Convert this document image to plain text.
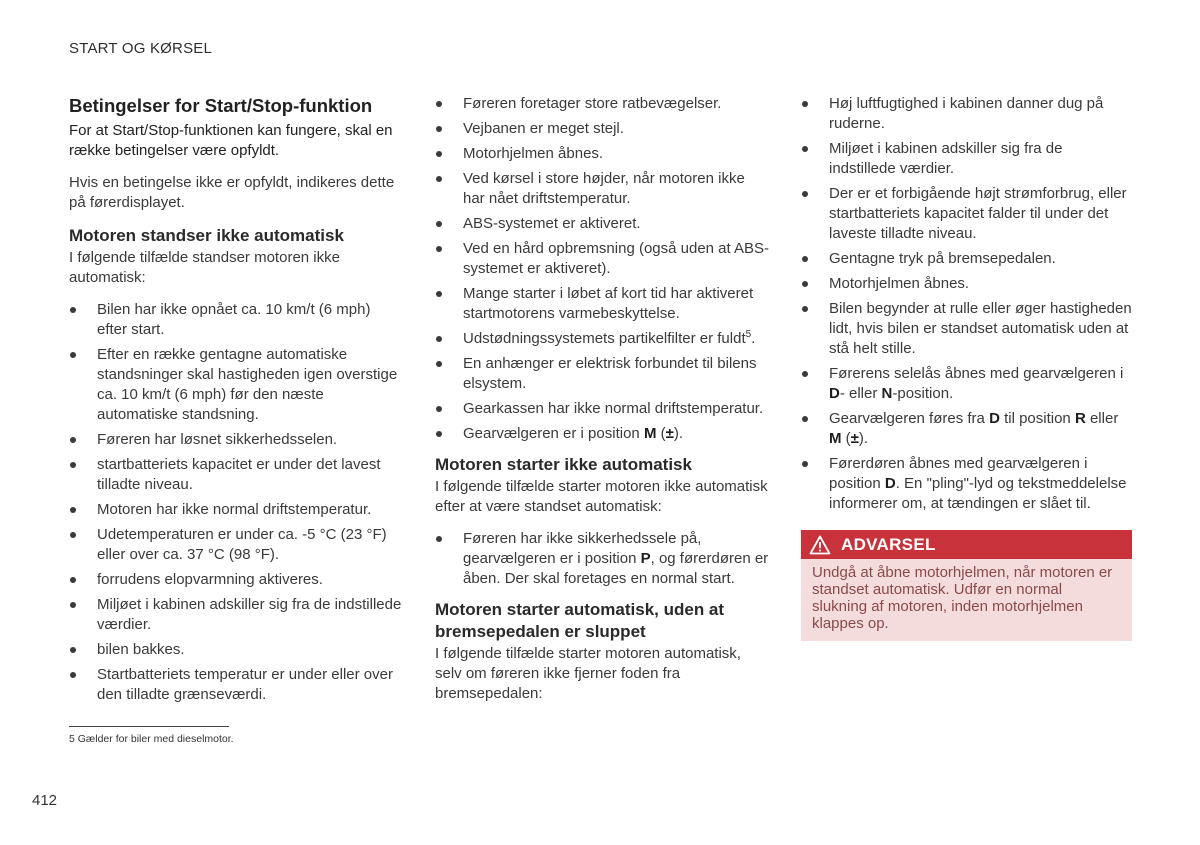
START OG KØRSEL
Betingelser for Start/Stop-funktion

For at Start/Stop-funktionen kan fungere, skal en række betingelser være opfyldt.

Hvis en betingelse ikke er opfyldt, indikeres dette på førerdisplayet.

Motoren standser ikke automatisk

I følgende tilfælde standser motoren ikke automatisk:

Bilen har ikke opnået ca. 10 km/t (6 mph) efter start.
Efter en række gentagne automatiske standsninger skal hastigheden igen overstige ca. 10 km/t (6 mph) før den næste automatiske standsning.
Føreren har løsnet sikkerhedsselen.
startbatteriets kapacitet er under det lavest tilladte niveau.
Motoren har ikke normal driftstemperatur.
Udetemperaturen er under ca. -5 °C (23 °F) eller over ca. 37 °C (98 °F).
forrudens elopvarmning aktiveres.
Miljøet i kabinen adskiller sig fra de indstillede værdier.
bilen bakkes.
Startbatteriets temperatur er under eller over den tilladte grænseværdi.
Føreren foretager store ratbevægelser.
Vejbanen er meget stejl.
Motorhjelmen åbnes.
Ved kørsel i store højder, når motoren ikke har nået driftstemperatur.
ABS-systemet er aktiveret.
Ved en hård opbremsning (også uden at ABS-systemet er aktiveret).
Mange starter i løbet af kort tid har aktiveret startmotorens varmebeskyttelse.
Udstødningssystemets partikelfilter er fuldt$^5$.
En anhænger er elektrisk forbundet til bilens elsystem.
Gearkassen har ikke normal driftstemperatur.
Gearvælgeren er i position M (±).
Motoren starter ikke automatisk

I følgende tilfælde starter motoren ikke automatisk efter at være standset automatisk:

Føreren har ikke sikkerhedssele på, gearvælgeren er i position P, og førerdøren er åben. Der skal foretages en normal start.
Motoren starter automatisk, uden at bremsepedalen er sluppet

I følgende tilfælde starter motoren automatisk, selv om føreren ikke fjerner foden fra bremsepedalen:

Høj luftfugtighed i kabinen danner dug på ruderne.
Miljøet i kabinen adskiller sig fra de indstillede værdier.
Der er et forbigående højt strømforbrug, eller startbatteriets kapacitet falder til under det laveste tilladte niveau.
Gentagne tryk på bremsepedalen.
Motorhjelmen åbnes.
Bilen begynder at rulle eller øger hastigheden lidt, hvis bilen er standset automatisk uden at stå helt stille.
Førerens selelås åbnes med gearvælgeren i D- eller N-position.
Gearvælgeren føres fra D til position R eller M (±).
Førerdøren åbnes med gearvælgeren i position D. En "pling"-lyd og tekstmeddelelse informerer om, at tændingen er slået til.
ADVARSEL
Undgå at åbne motorhjelmen, når motoren er standset automatisk. Udfør en normal slukning af motoren, inden motorhjelmen klappes op.
5 Gælder for biler med dieselmotor.
412
